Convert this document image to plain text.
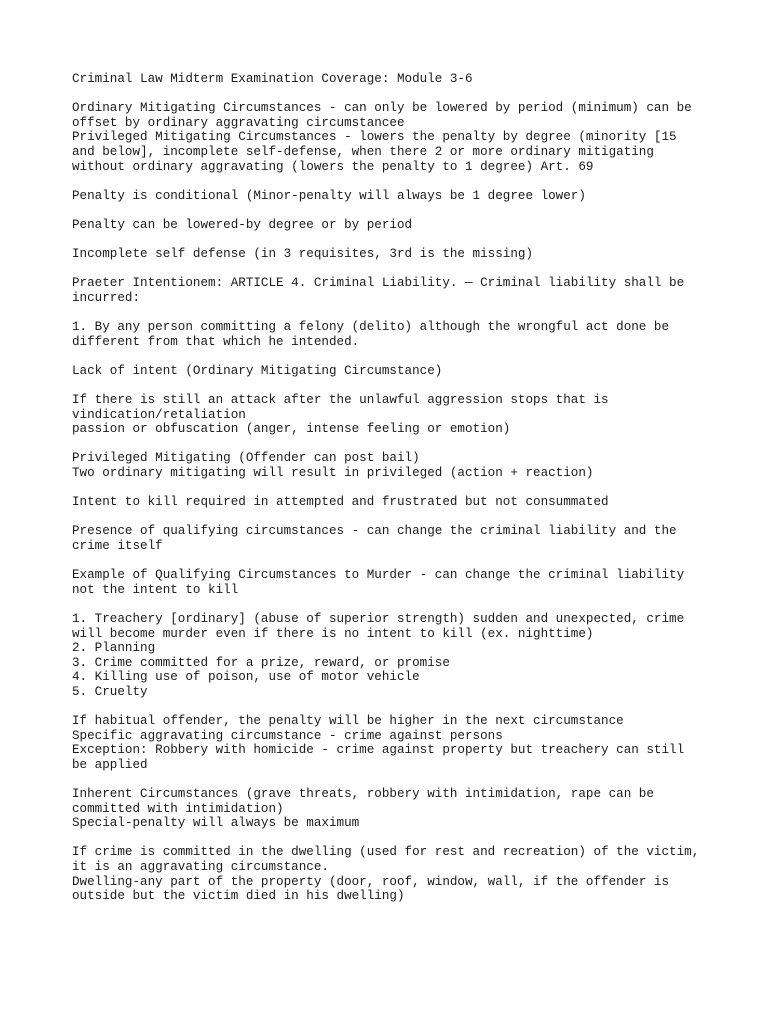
Criminal Law Midterm Examination Coverage: Module 3-6
Ordinary Mitigating Circumstances - can only be lowered by period (minimum) can be
offset by ordinary aggravating circumstancee
Privileged Mitigating Circumstances - lowers the penalty by degree (minority [15
and below], incomplete self-defense, when there 2 or more ordinary mitigating
without ordinary aggravating (lowers the penalty to 1 degree) Art. 69
Penalty is conditional (Minor-penalty will always be 1 degree lower)
Penalty can be lowered-by degree or by period
Incomplete self defense (in 3 requisites, 3rd is the missing)
Praeter Intentionem: ARTICLE 4. Criminal Liability. — Criminal liability shall be
incurred:
1. By any person committing a felony (delito) although the wrongful act done be
different from that which he intended.
Lack of intent (Ordinary Mitigating Circumstance)
If there is still an attack after the unlawful aggression stops that is
vindication/retaliation
passion or obfuscation (anger, intense feeling or emotion)
Privileged Mitigating (Offender can post bail)
Two ordinary mitigating will result in privileged (action + reaction)
Intent to kill required in attempted and frustrated but not consummated
Presence of qualifying circumstances - can change the criminal liability and the
crime itself
Example of Qualifying Circumstances to Murder - can change the criminal liability
not the intent to kill
1. Treachery [ordinary] (abuse of superior strength) sudden and unexpected, crime
will become murder even if there is no intent to kill (ex. nighttime)
2. Planning
3. Crime committed for a prize, reward, or promise
4. Killing use of poison, use of motor vehicle
5. Cruelty
If habitual offender, the penalty will be higher in the next circumstance
Specific aggravating circumstance - crime against persons
Exception: Robbery with homicide - crime against property but treachery can still
be applied
Inherent Circumstances (grave threats, robbery with intimidation, rape can be
committed with intimidation)
Special-penalty will always be maximum
If crime is committed in the dwelling (used for rest and recreation) of the victim,
it is an aggravating circumstance.
Dwelling-any part of the property (door, roof, window, wall, if the offender is
outside but the victim died in his dwelling)
